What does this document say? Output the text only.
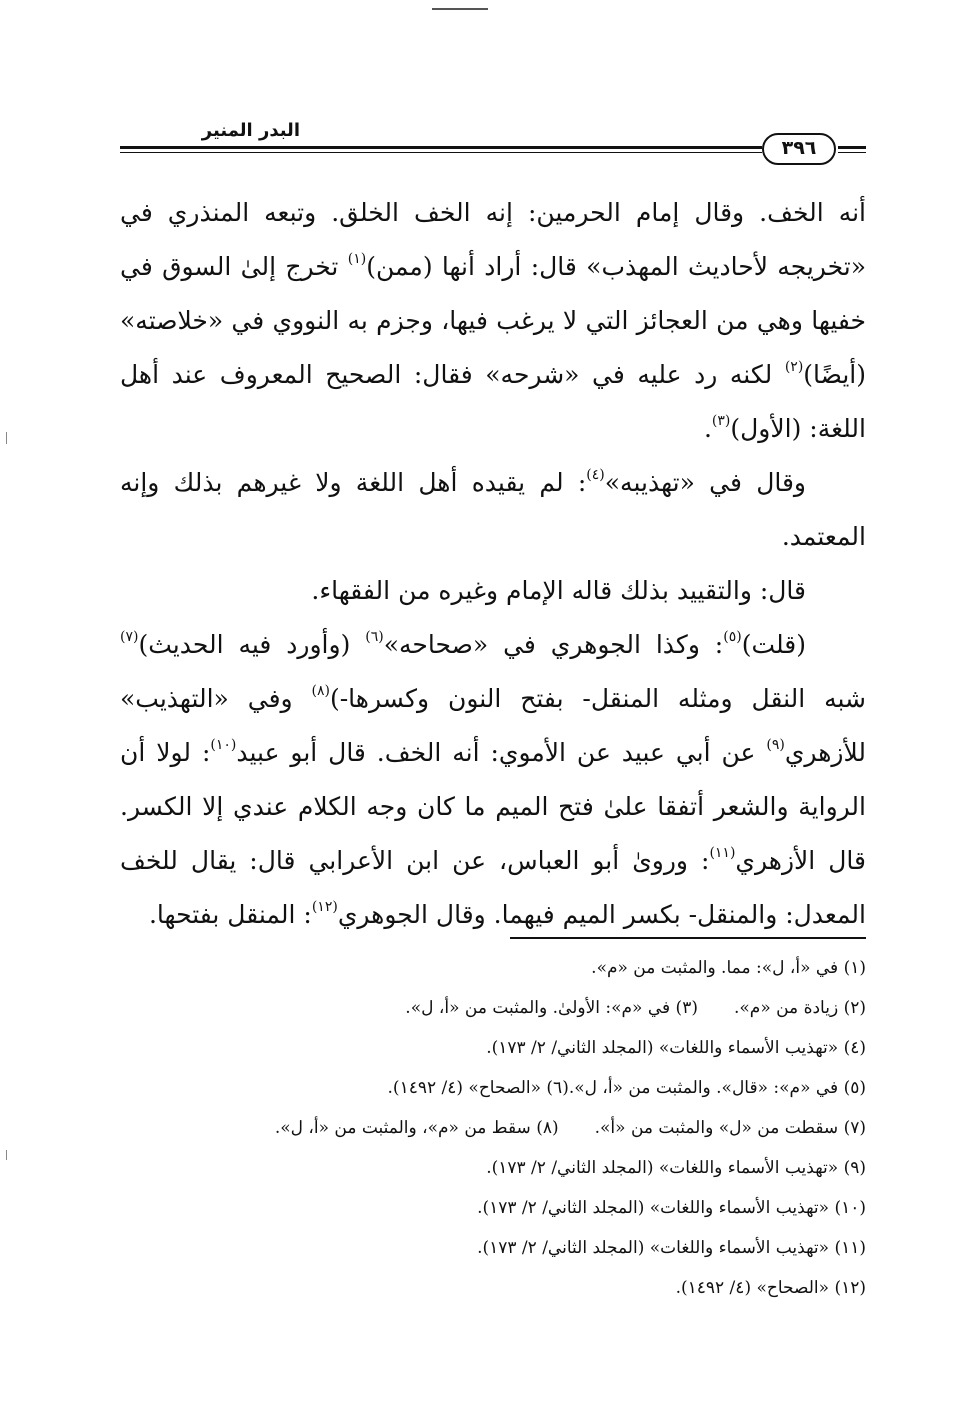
البدر المنير
٣٩٦

أنه الخف. وقال إمام الحرمين: إنه الخف الخلق. وتبعه المنذري في «تخريجه لأحاديث المهذب» قال: أراد أنها (ممن)$^{(١)}$ تخرج إلىٰ السوق في خفيها وهي من العجائز التي لا يرغب فيها، وجزم به النووي في «خلاصته» (أيضًا)$^{(٢)}$ لكنه رد عليه في «شرحه» فقال: الصحيح المعروف عند أهل اللغة: (الأول)$^{(٣)}$.

وقال في «تهذيبه»$^{(٤)}$: لم يقيده أهل اللغة ولا غيرهم بذلك وإنه المعتمد.

قال: والتقييد بذلك قاله الإمام وغيره من الفقهاء.

(قلت)$^{(٥)}$: وكذا الجوهري في «صحاحه»$^{(٦)}$ (وأورد فيه الحديث)$^{(٧)}$ شبه النقل ومثله المنقل- بفتح النون وكسرها-)$^{(٨)}$ وفي «التهذيب» للأزهري$^{(٩)}$ عن أبي عبيد عن الأموي: أنه الخف. قال أبو عبيد$^{(١٠)}$: لولا أن الرواية والشعر أتفقا علىٰ فتح الميم ما كان وجه الكلام عندي إلا الكسر. قال الأزهري$^{(١١)}$: وروىٰ أبو العباس، عن ابن الأعرابي قال: يقال للخف المعدل: والمنقل- بكسر الميم فيهما. وقال الجوهري$^{(١٢)}$: المنقل بفتحها.

(١) في «أ، ل»: مما. والمثبت من «م».
(٢) زيادة من «م».(٣) في «م»: الأولىٰ. والمثبت من «أ، ل».
(٤) «تهذيب الأسماء واللغات» (المجلد الثاني/ ٢/ ١٧٣).
(٥) في «م»: «قال». والمثبت من «أ، ل».(٦) «الصحاح» (٤/ ١٤٩٢).
(٧) سقطت من «ل» والمثبت من «أ».(٨) سقط من «م»، والمثبت من «أ، ل».
(٩) «تهذيب الأسماء واللغات» (المجلد الثاني/ ٢/ ١٧٣).
(١٠) «تهذيب الأسماء واللغات» (المجلد الثاني/ ٢/ ١٧٣).
(١١) «تهذيب الأسماء واللغات» (المجلد الثاني/ ٢/ ١٧٣).
(١٢) «الصحاح» (٤/ ١٤٩٢).
